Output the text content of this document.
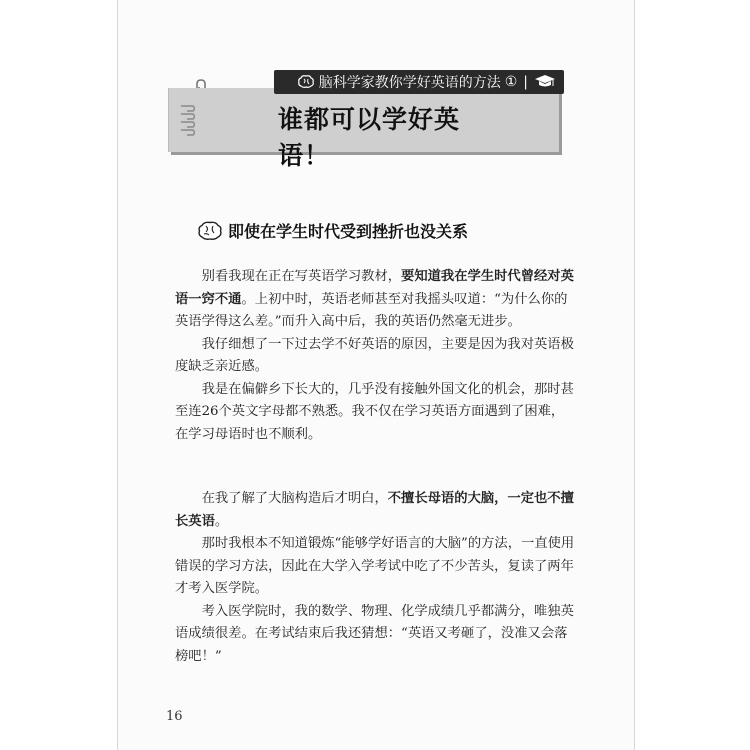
脑科学家教你学好英语的方法 ① |
谁都可以学好英语！
即使在学生时代受到挫折也没关系

别看我现在正在写英语学习教材，要知道我在学生时代曾经对英语一窍不通。上初中时，英语老师甚至对我摇头叹道：“为什么你的英语学得这么差。”而升入高中后，我的英语仍然毫无进步。

我仔细想了一下过去学不好英语的原因，主要是因为我对英语极度缺乏亲近感。

我是在偏僻乡下长大的，几乎没有接触外国文化的机会，那时甚至连26个英文字母都不熟悉。我不仅在学习英语方面遇到了困难，在学习母语时也不顺利。

在我了解了大脑构造后才明白，不擅长母语的大脑，一定也不擅长英语。

那时我根本不知道锻炼“能够学好语言的大脑”的方法，一直使用错误的学习方法，因此在大学入学考试中吃了不少苦头，复读了两年才考入医学院。

考入医学院时，我的数学、物理、化学成绩几乎都满分，唯独英语成绩很差。在考试结束后我还猜想：“英语又考砸了，没准又会落榜吧！”

16
